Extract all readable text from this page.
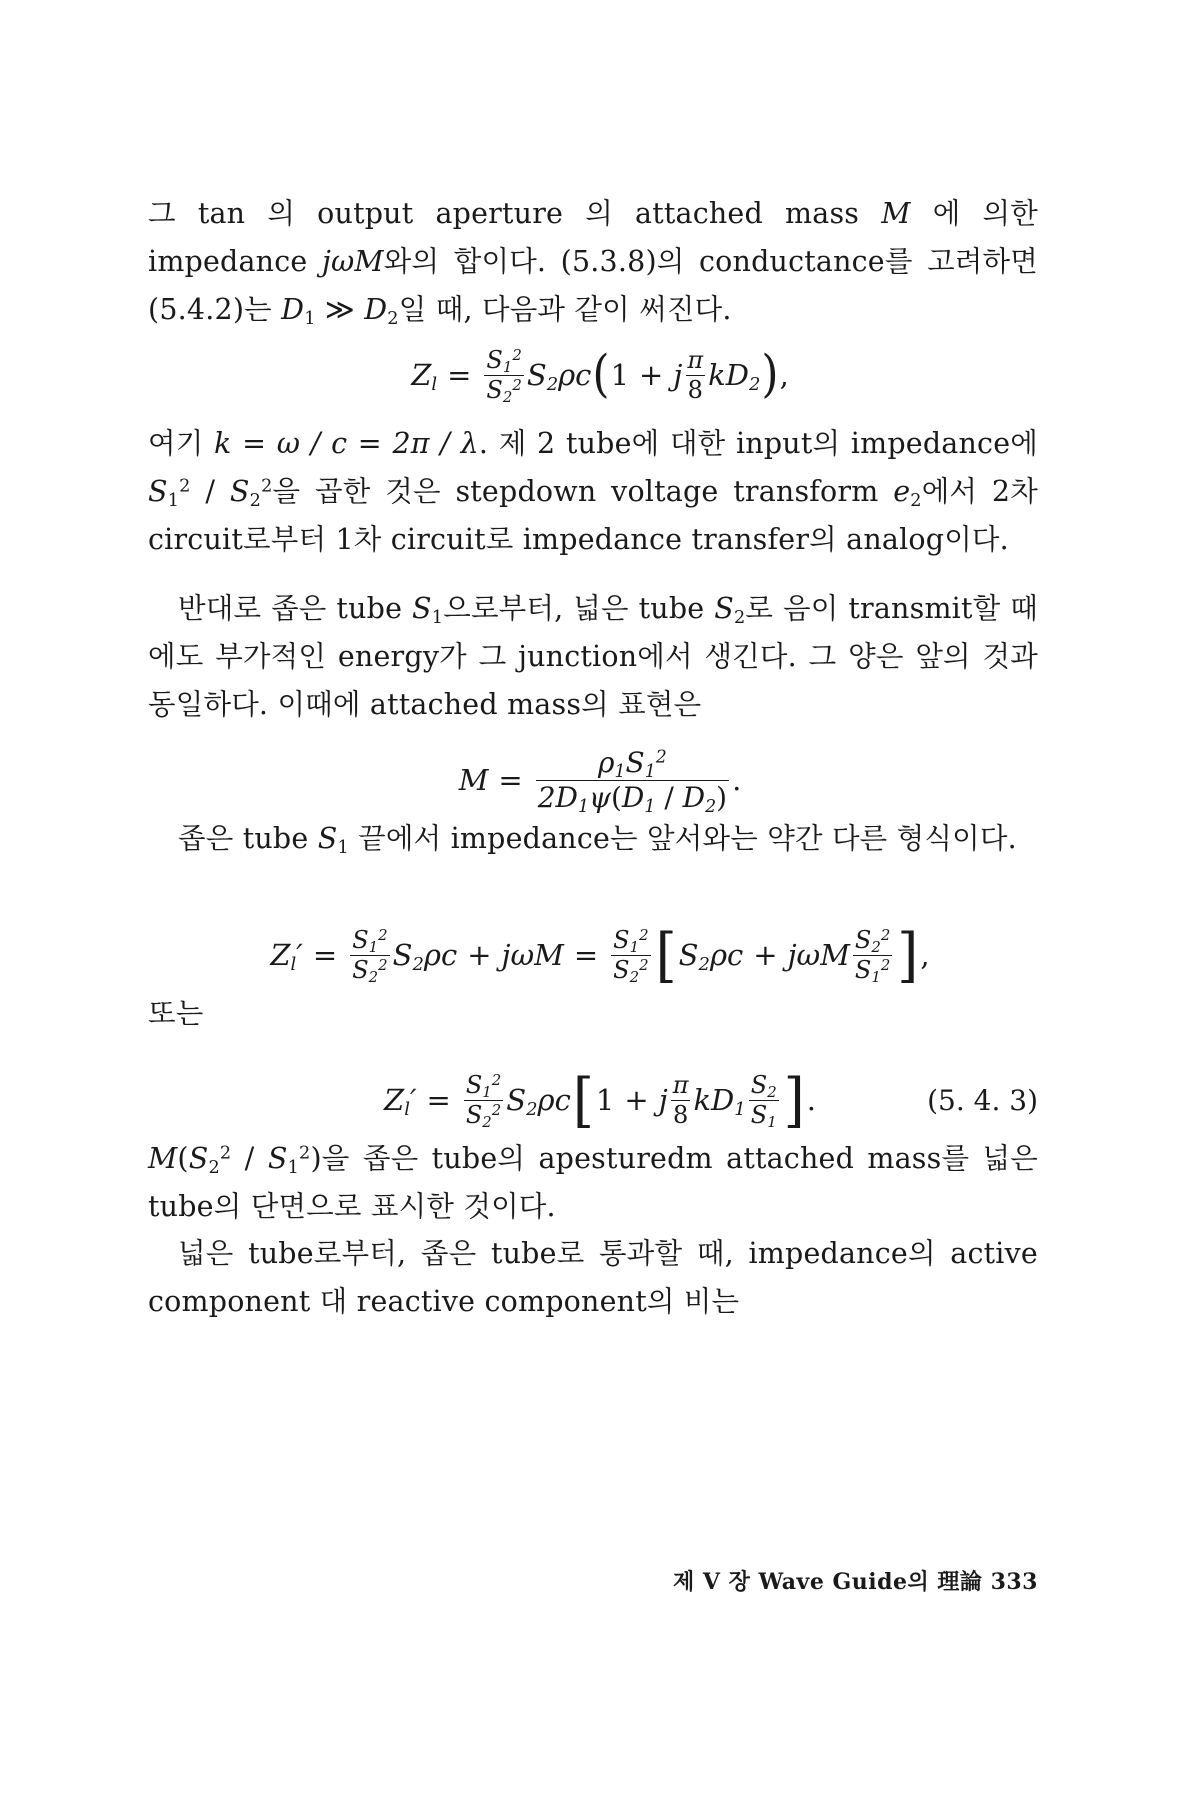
그 tan 의 output aperture 의 attached mass M 에 의한 impedance jωM와의 합이다. (5.3.8)의 conductance를 고려하면 (5.4.2)는 $D_1$ ≫ $D_2$일 때, 다음과 같이 써진다.
$Z_l = \frac{S_1^2}{S_2^2} S_2\rho c$ ( 1 + j $\frac{\pi}{8} kD_2$ ) ,
여기 k = ω / c = 2π / λ. 제 2 tube에 대한 input의 impedance에 $S_1^2 / S_2^2$을 곱한 것은 stepdown voltage transform $e_2$에서 2차 circuit로부터 1차 circuit로 impedance transfer의 analog이다.
반대로 좁은 tube $S_1$으로부터, 넓은 tube $S_2$로 음이 transmit할 때에도 부가적인 energy가 그 junction에서 생긴다. 그 양은 앞의 것과 동일하다. 이때에 attached mass의 표현은
$M = \frac{\rho_1S_1^2}{2D_1\psi(D_1 / D_2)}$ .
좁은 tube $S_1$ 끝에서 impedance는 앞서와는 약간 다른 형식이다.
$Z_l' = \frac{S_1^2}{S_2^2} S_2\rho c + j\omega M = \frac{S_1^2}{S_2^2}$ [ $S_2\rho c + j\omega M \frac{S_2^2}{S_1^2}$ ] ,
또는
$Z_l' = \frac{S_1^2}{S_2^2} S_2\rho c$ [ 1 + j $\frac{\pi}{8} kD_1 \frac{S_2}{S_1}$ ] .	(5. 4. 3)
$M(S_2^2 / S_1^2)$을 좁은 tube의 apesturedm attached mass를 넓은 tube의 단면으로 표시한 것이다.
넓은 tube로부터, 좁은 tube로 통과할 때, impedance의 active component 대 reactive component의 비는
제 Ⅴ 장 Wave Guide의 理論 333
